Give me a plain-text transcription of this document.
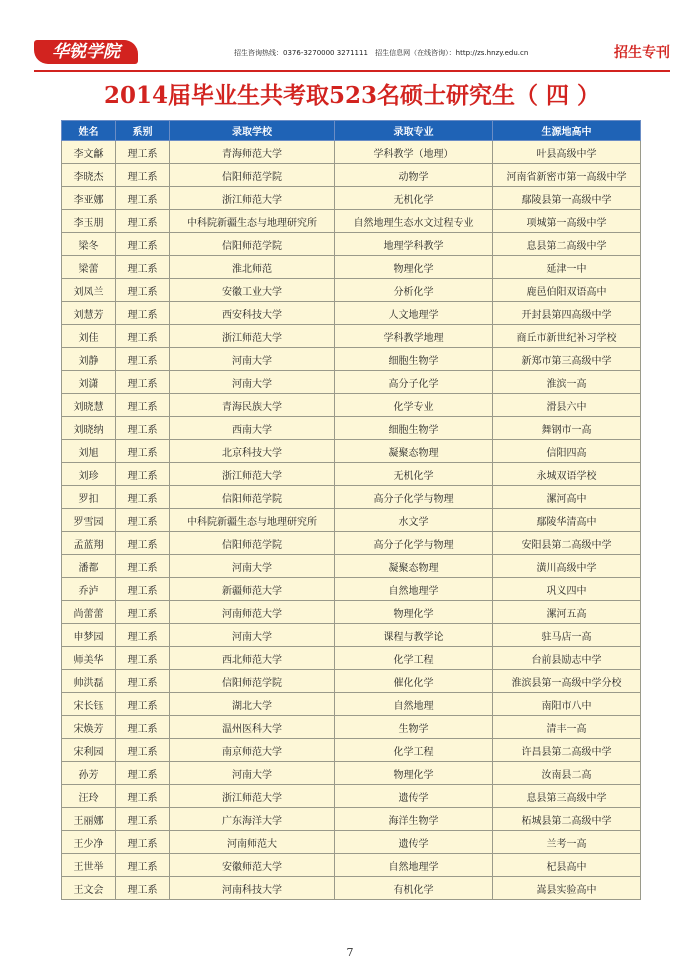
华锐学院	招生咨询热线：0376-3270000 3271111 招生信息网（在线咨询）：http://zs.hnzy.edu.cn	招生专刊
2014届毕业生共考取523名硕士研究生（ 四 ）
姓名	系别	录取学校	录取专业	生源地高中
李文龢	理工系	青海师范大学	学科教学（地理）	叶县高级中学
李晓杰	理工系	信阳师范学院	动物学	河南省新密市第一高级中学
李亚娜	理工系	浙江师范大学	无机化学	鄢陵县第一高级中学
李玉朋	理工系	中科院新疆生态与地理研究所	自然地理生态水文过程专业	项城第一高级中学
梁冬	理工系	信阳师范学院	地理学科教学	息县第二高级中学
梁蕾	理工系	淮北师范	物理化学	延津一中
刘凤兰	理工系	安徽工业大学	分析化学	鹿邑伯阳双语高中
刘慧芳	理工系	西安科技大学	人文地理学	开封县第四高级中学
刘佳	理工系	浙江师范大学	学科教学地理	商丘市新世纪补习学校
刘静	理工系	河南大学	细胞生物学	新郑市第三高级中学
刘潇	理工系	河南大学	高分子化学	淮滨一高
刘晓慧	理工系	青海民族大学	化学专业	滑县六中
刘晓纳	理工系	西南大学	细胞生物学	舞钢市一高
刘旭	理工系	北京科技大学	凝聚态物理	信阳四高
刘珍	理工系	浙江师范大学	无机化学	永城双语学校
罗扣	理工系	信阳师范学院	高分子化学与物理	漯河高中
罗雪园	理工系	中科院新疆生态与地理研究所	水文学	鄢陵华清高中
孟蓝翔	理工系	信阳师范学院	高分子化学与物理	安阳县第二高级中学
潘都	理工系	河南大学	凝聚态物理	潢川高级中学
乔泸	理工系	新疆师范大学	自然地理学	巩义四中
尚蕾蕾	理工系	河南师范大学	物理化学	漯河五高
申梦园	理工系	河南大学	课程与教学论	驻马店一高
师美华	理工系	西北师范大学	化学工程	台前县励志中学
帅洪磊	理工系	信阳师范学院	催化化学	淮滨县第一高级中学分校
宋长钰	理工系	湖北大学	自然地理	南阳市八中
宋焕芳	理工系	温州医科大学	生物学	清丰一高
宋利园	理工系	南京师范大学	化学工程	许昌县第二高级中学
孙芳	理工系	河南大学	物理化学	汝南县二高
汪玲	理工系	浙江师范大学	遗传学	息县第三高级中学
王丽娜	理工系	广东海洋大学	海洋生物学	柘城县第二高级中学
王少净	理工系	河南师范大	遗传学	兰考一高
王世举	理工系	安徽师范大学	自然地理学	杞县高中
王文会	理工系	河南科技大学	有机化学	嵩县实验高中
7
